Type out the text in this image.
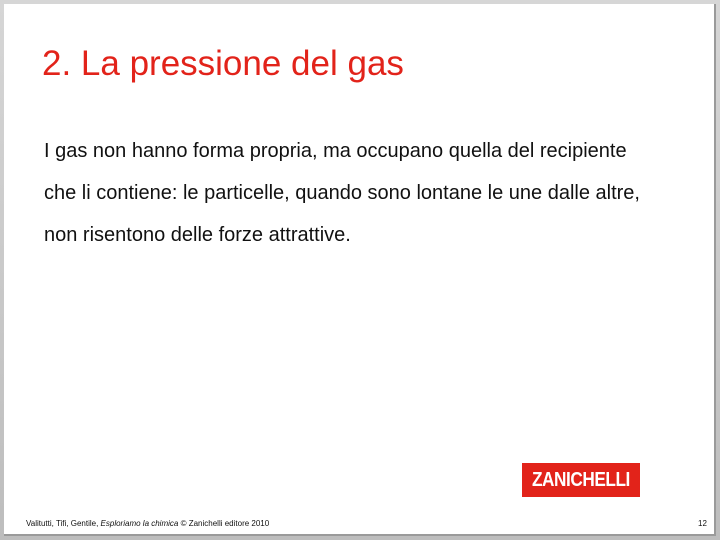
2. La pressione del gas

I gas non hanno forma propria, ma occupano quella del recipiente che li contiene: le particelle, quando sono lontane le une dalle altre, non risentono delle forze attrattive.

ZANICHELLI
Valitutti, Tifi, Gentile, Esploriamo la chimica © Zanichelli editore 2010	12
